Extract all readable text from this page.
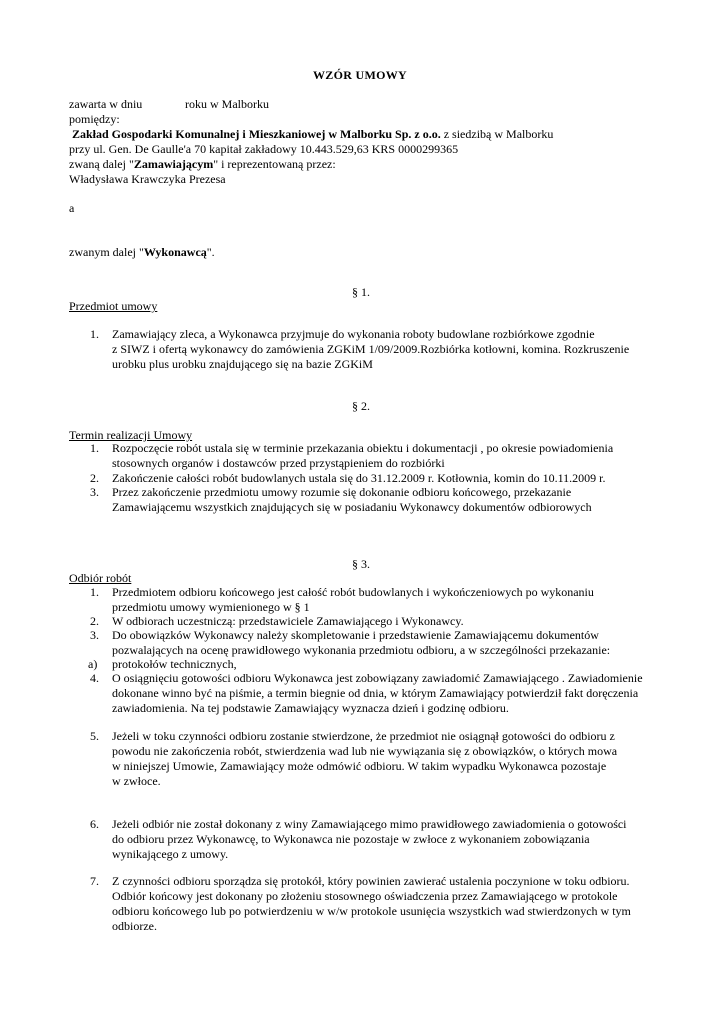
WZÓR UMOWY
zawarta w dniu	roku w Malborku
pomiędzy:
Zakład Gospodarki Komunalnej i Mieszkaniowej w Malborku Sp. z o.o. z siedzibą w Malborku
przy ul. Gen. De Gaulle'a 70 kapitał zakładowy 10.443.529,63 KRS 0000299365
zwaną dalej "Zamawiającym" i reprezentowaną przez:
Władysława Krawczyka Prezesa
a
zwanym dalej "Wykonawcą".
§ 1.
Przedmiot umowy
1.	Zamawiający zleca, a Wykonawca przyjmuje do wykonania roboty budowlane rozbiórkowe zgodnie
z SIWZ i ofertą wykonawcy do zamówienia ZGKiM 1/09/2009.Rozbiórka kotłowni, komina. Rozkruszenie
urobku plus urobku znajdującego się na bazie ZGKiM
§ 2.
Termin realizacji Umowy
1.	Rozpoczęcie robót ustala się w terminie przekazania obiektu i dokumentacji , po okresie powiadomienia
stosownych organów i dostawców przed przystąpieniem do rozbiórki
2.	Zakończenie całości robót budowlanych ustala się do 31.12.2009 r. Kotłownia, komin do 10.11.2009 r.
3.	Przez zakończenie przedmiotu umowy rozumie się dokonanie odbioru końcowego, przekazanie
Zamawiającemu wszystkich znajdujących się w posiadaniu Wykonawcy dokumentów odbiorowych
§ 3.
Odbiór robót
1.	Przedmiotem odbioru końcowego jest całość robót budowlanych i wykończeniowych po wykonaniu
przedmiotu umowy wymienionego w § 1
2.	W odbiorach uczestniczą: przedstawiciele Zamawiającego i Wykonawcy.
3.	Do obowiązków Wykonawcy należy skompletowanie i przedstawienie Zamawiającemu dokumentów
pozwalających na ocenę prawidłowego wykonania przedmiotu odbioru, a w szczególności przekazanie:
a)	protokołów technicznych,
4.	O osiągnięciu gotowości odbioru Wykonawca jest zobowiązany zawiadomić Zamawiającego . Zawiadomienie
dokonane winno być na piśmie, a termin biegnie od dnia, w którym Zamawiający potwierdził fakt doręczenia
zawiadomienia. Na tej podstawie Zamawiający wyznacza dzień i godzinę odbioru.
5.	Jeżeli w toku czynności odbioru zostanie stwierdzone, że przedmiot nie osiągnął gotowości do odbioru z
powodu nie zakończenia robót, stwierdzenia wad lub nie wywiązania się z obowiązków, o których mowa
w niniejszej Umowie, Zamawiający może odmówić odbioru. W takim wypadku Wykonawca pozostaje
w zwłoce.
6.	Jeżeli odbiór nie został dokonany z winy Zamawiającego mimo prawidłowego zawiadomienia o gotowości
do odbioru przez Wykonawcę, to Wykonawca nie pozostaje w zwłoce z wykonaniem zobowiązania
wynikającego z umowy.
7.	Z czynności odbioru sporządza się protokół, który powinien zawierać ustalenia poczynione w toku odbioru.
Odbiór końcowy jest dokonany po złożeniu stosownego oświadczenia przez Zamawiającego w protokole
odbioru końcowego lub po potwierdzeniu w w/w protokole usunięcia wszystkich wad stwierdzonych w tym
odbiorze.
